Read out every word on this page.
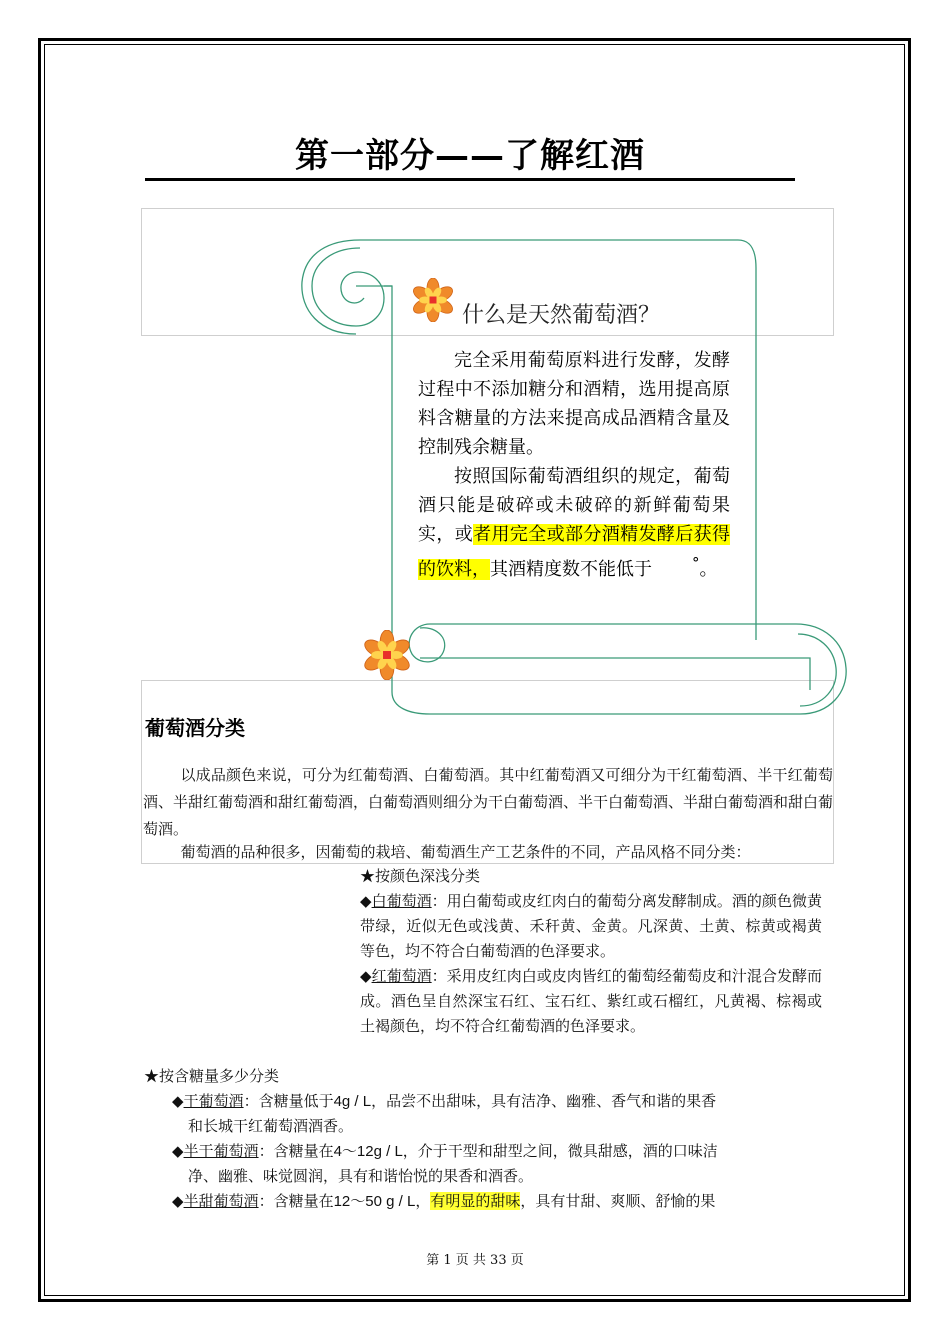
第一部分——了解红酒
什么是天然葡萄酒？

完全采用葡萄原料进行发酵，发酵过程中不添加糖分和酒精，选用提高原料含糖量的方法来提高成品酒精含量及控制残余糖量。

按照国际葡萄酒组织的规定，葡萄酒只能是破碎或未破碎的新鲜葡萄果实，或者用完全或部分酒精发酵后获得的饮料，其酒精度数不能低于	°。

葡萄酒分类
以成品颜色来说，可分为红葡萄酒、白葡萄酒。其中红葡萄酒又可细分为干红葡萄酒、半干红葡萄酒、半甜红葡萄酒和甜红葡萄酒，白葡萄酒则细分为干白葡萄酒、半干白葡萄酒、半甜白葡萄酒和甜白葡萄酒。
葡萄酒的品种很多，因葡萄的栽培、葡萄酒生产工艺条件的不同，产品风格不同分类：
★按颜色深浅分类
◆白葡萄酒：用白葡萄或皮红肉白的葡萄分离发酵制成。酒的颜色微黄带绿，近似无色或浅黄、禾秆黄、金黄。凡深黄、土黄、棕黄或褐黄等色，均不符合白葡萄酒的色泽要求。
◆红葡萄酒：采用皮红肉白或皮肉皆红的葡萄经葡萄皮和汁混合发酵而成。酒色呈自然深宝石红、宝石红、紫红或石榴红，凡黄褐、棕褐或土褐颜色，均不符合红葡萄酒的色泽要求。
★按含糖量多少分类
◆干葡萄酒：含糖量低于4g / L，品尝不出甜味，具有洁净、幽雅、香气和谐的果香
和长城干红葡萄酒酒香。
◆半干葡萄酒：含糖量在4～12g / L，介于干型和甜型之间，微具甜感，酒的口味洁
净、幽雅、味觉圆润，具有和谐怡悦的果香和酒香。
◆半甜葡萄酒：含糖量在12～50 g / L，有明显的甜味，具有甘甜、爽顺、舒愉的果
第 1 页 共 33 页
